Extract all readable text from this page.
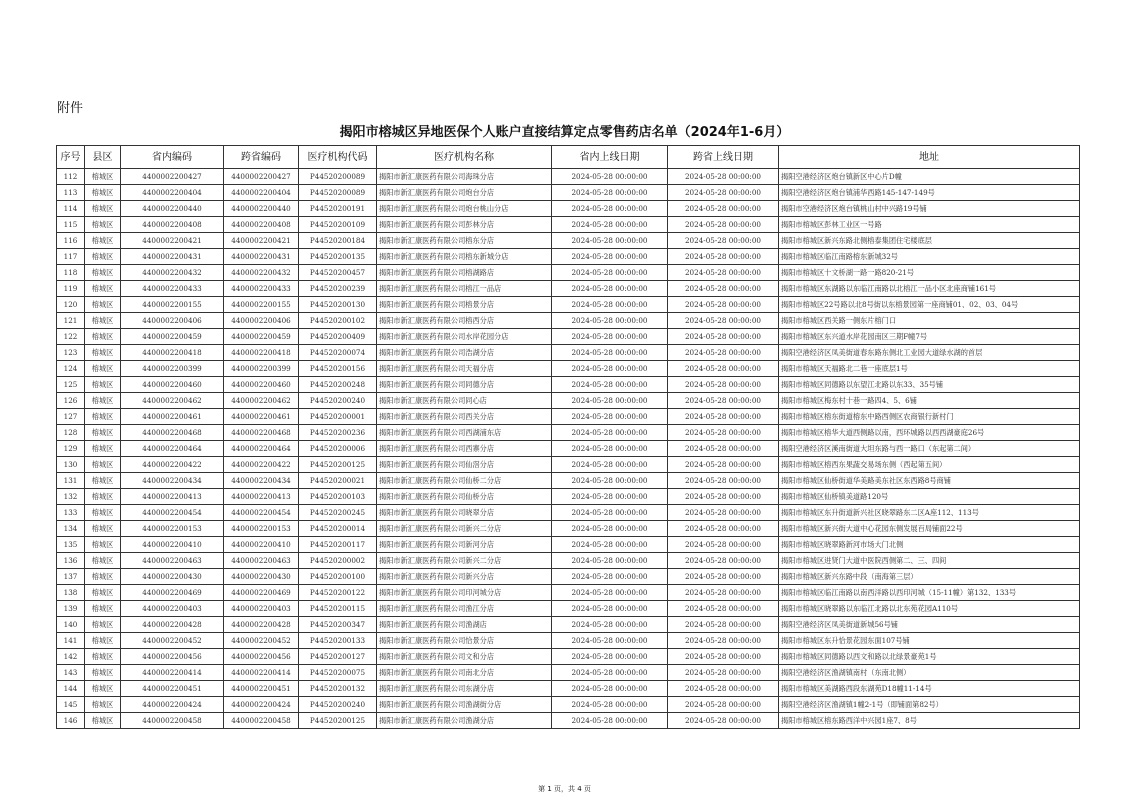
附件
揭阳市榕城区异地医保个人账户直接结算定点零售药店名单（2024年1-6月）
序号	县区	省内编码	跨省编码	医疗机构代码	医疗机构名称	省内上线日期	跨省上线日期	地址
112	榕城区	4400002200427	4400002200427	P44520200089	揭阳市新汇康医药有限公司海珠分店	2024-05-28 00:00:00	2024-05-28 00:00:00	揭阳空港经济区炮台镇新区中心片D幢
113	榕城区	4400002200404	4400002200404	P44520200089	揭阳市新汇康医药有限公司炮台分店	2024-05-28 00:00:00	2024-05-28 00:00:00	揭阳空港经济区炮台镇浦华西路145-147-149号
114	榕城区	4400002200440	4400002200440	P44520200191	揭阳市新汇康医药有限公司炮台桃山分店	2024-05-28 00:00:00	2024-05-28 00:00:00	揭阳市空港经济区炮台镇桃山村中兴路19号铺
115	榕城区	4400002200408	4400002200408	P44520200109	揭阳市新汇康医药有限公司彭林分店	2024-05-28 00:00:00	2024-05-28 00:00:00	揭阳市榕城区彭林工业区一号路
116	榕城区	4400002200421	4400002200421	P44520200184	揭阳市新汇康医药有限公司榕东分店	2024-05-28 00:00:00	2024-05-28 00:00:00	揭阳市榕城区新兴东路北侧榕泰集团住宅楼底层
117	榕城区	4400002200431	4400002200431	P44520200135	揭阳市新汇康医药有限公司榕东新城分店	2024-05-28 00:00:00	2024-05-28 00:00:00	揭阳市榕城区临江南路榕东新城32号
118	榕城区	4400002200432	4400002200432	P44520200457	揭阳市新汇康医药有限公司榕湖路店	2024-05-28 00:00:00	2024-05-28 00:00:00	揭阳市榕城区十文桥湖一路一路820-21号
119	榕城区	4400002200433	4400002200433	P44520200239	揭阳市新汇康医药有限公司榕江一品店	2024-05-28 00:00:00	2024-05-28 00:00:00	揭阳市榕城区东湖路以东临江南路以北榕江一品小区北座商铺161号
120	榕城区	4400002200155	4400002200155	P44520200130	揭阳市新汇康医药有限公司榕景分店	2024-05-28 00:00:00	2024-05-28 00:00:00	揭阳市榕城区22号路以北8号街以东榕景园第一座商铺01、02、03、04号
121	榕城区	4400002200406	4400002200406	P44520200102	揭阳市新汇康医药有限公司榕西分店	2024-05-28 00:00:00	2024-05-28 00:00:00	揭阳市榕城区西关路一侧东片榕门口
122	榕城区	4400002200459	4400002200459	P44520200409	揭阳市新汇康医药有限公司水岸花园分店	2024-05-28 00:00:00	2024-05-28 00:00:00	揭阳市榕城区东兴道水岸花园南区三期F幢7号
123	榕城区	4400002200418	4400002200418	P44520200074	揭阳市新汇康医药有限公司浩湖分店	2024-05-28 00:00:00	2024-05-28 00:00:00	揭阳空港经济区凤美街道春东路东侧北工业园大道绿水湖的首层
124	榕城区	4400002200399	4400002200399	P44520200156	揭阳市新汇康医药有限公司天福分店	2024-05-28 00:00:00	2024-05-28 00:00:00	揭阳市榕城区天福路北二巷一座底层1号
125	榕城区	4400002200460	4400002200460	P44520200248	揭阳市新汇康医药有限公司同德分店	2024-05-28 00:00:00	2024-05-28 00:00:00	揭阳市榕城区同德路以东望江北路以东33、35号铺
126	榕城区	4400002200462	4400002200462	P44520200240	揭阳市新汇康医药有限公司同心店	2024-05-28 00:00:00	2024-05-28 00:00:00	揭阳市榕城区梅东村十巷一路四4、5、6铺
127	榕城区	4400002200461	4400002200461	P44520200001	揭阳市新汇康医药有限公司西关分店	2024-05-28 00:00:00	2024-05-28 00:00:00	揭阳市榕城区榕东街道榕东中路西侧区农商银行新村门
128	榕城区	4400002200468	4400002200468	P44520200236	揭阳市新汇康医药有限公司西湖浦东店	2024-05-28 00:00:00	2024-05-28 00:00:00	揭阳市榕城区榕华大道西侧路以南，西环城路以西西湖豪庭26号
129	榕城区	4400002200464	4400002200464	P44520200006	揭阳市新汇康医药有限公司西寨分店	2024-05-28 00:00:00	2024-05-28 00:00:00	揭阳空港经济区溪南街道大坦东路与西一路口（东起第二间）
130	榕城区	4400002200422	4400002200422	P44520200125	揭阳市新汇康医药有限公司仙滘分店	2024-05-28 00:00:00	2024-05-28 00:00:00	揭阳市榕城区榕西东果蔬交易场东侧（西起第五间）
131	榕城区	4400002200434	4400002200434	P44520200021	揭阳市新汇康医药有限公司仙桥二分店	2024-05-28 00:00:00	2024-05-28 00:00:00	揭阳市榕城区仙桥街道华美路美东社区东西路8号商铺
132	榕城区	4400002200413	4400002200413	P44520200103	揭阳市新汇康医药有限公司仙桥分店	2024-05-28 00:00:00	2024-05-28 00:00:00	揭阳市榕城区仙桥镇美道路120号
133	榕城区	4400002200454	4400002200454	P44520200245	揭阳市新汇康医药有限公司晓翠分店	2024-05-28 00:00:00	2024-05-28 00:00:00	揭阳市榕城区东升街道新兴社区晓翠路东二区A座112、113号
134	榕城区	4400002200153	4400002200153	P44520200014	揭阳市新汇康医药有限公司新兴二分店	2024-05-28 00:00:00	2024-05-28 00:00:00	揭阳市榕城区新兴街大道中心花园东侧发展百局铺面22号
135	榕城区	4400002200410	4400002200410	P44520200117	揭阳市新汇康医药有限公司新河分店	2024-05-28 00:00:00	2024-05-28 00:00:00	揭阳市榕城区晓翠路新河市场大门北侧
136	榕城区	4400002200463	4400002200463	P44520200002	揭阳市新汇康医药有限公司新兴二分店	2024-05-28 00:00:00	2024-05-28 00:00:00	揭阳市榕城区进贤门大道中医院西侧第二、三、四间
137	榕城区	4400002200430	4400002200430	P44520200100	揭阳市新汇康医药有限公司新兴分店	2024-05-28 00:00:00	2024-05-28 00:00:00	揭阳市榕城区新兴东路中段（南海第三层）
138	榕城区	4400002200469	4400002200469	P44520200122	揭阳市新汇康医药有限公司印河城分店	2024-05-28 00:00:00	2024-05-28 00:00:00	揭阳市榕城区临江南路以南西洋路以西印河城（15-11幢）第132、133号
139	榕城区	4400002200403	4400002200403	P44520200115	揭阳市新汇康医药有限公司渔江分店	2024-05-28 00:00:00	2024-05-28 00:00:00	揭阳市榕城区晓翠路以东临江北路以北东苑花园A110号
140	榕城区	4400002200428	4400002200428	P44520200347	揭阳市新汇康医药有限公司渔湖店	2024-05-28 00:00:00	2024-05-28 00:00:00	揭阳空港经济区凤美街道新城56号铺
141	榕城区	4400002200452	4400002200452	P44520200133	揭阳市新汇康医药有限公司恰景分店	2024-05-28 00:00:00	2024-05-28 00:00:00	揭阳市榕城区东升恰景花园东面107号铺
142	榕城区	4400002200456	4400002200456	P44520200127	揭阳市新汇康医药有限公司文和分店	2024-05-28 00:00:00	2024-05-28 00:00:00	揭阳市榕城区同德路以西文和路以北绿景豪苑1号
143	榕城区	4400002200414	4400002200414	P44520200075	揭阳市新汇康医药有限公司南北分店	2024-05-28 00:00:00	2024-05-28 00:00:00	揭阳空港经济区渔湖镇南村（东南北侧）
144	榕城区	4400002200451	4400002200451	P44520200132	揭阳市新汇康医药有限公司东湖分店	2024-05-28 00:00:00	2024-05-28 00:00:00	揭阳市榕城区美湖路西段东湖苑D18幢11-14号
145	榕城区	4400002200424	4400002200424	P44520200240	揭阳市新汇康医药有限公司渔湖街分店	2024-05-28 00:00:00	2024-05-28 00:00:00	揭阳空港经济区渔湖镇1幢2-1号（即铺面第82号）
146	榕城区	4400002200458	4400002200458	P44520200125	揭阳市新汇康医药有限公司渔湖分店	2024-05-28 00:00:00	2024-05-28 00:00:00	揭阳市榕城区榕东路西洋中兴园1座7、8号
第 1 页，共 4 页
